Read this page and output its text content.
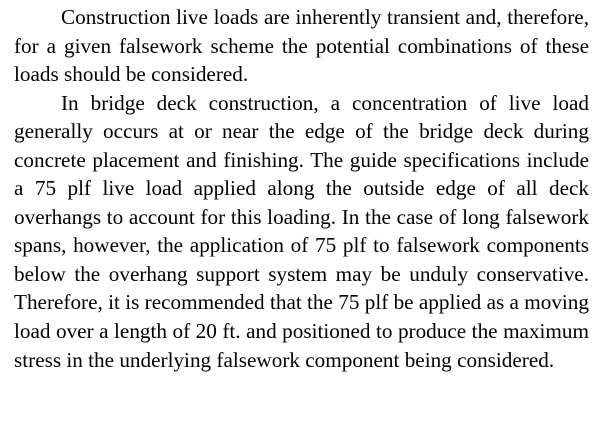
Construction live loads are inherently transient and, therefore, for a given falsework scheme the potential combinations of these loads should be considered.

In bridge deck construction, a concentration of live load generally occurs at or near the edge of the bridge deck during concrete placement and finishing. The guide specifications include a 75 plf live load applied along the outside edge of all deck overhangs to account for this loading. In the case of long falsework spans, however, the application of 75 plf to falsework components below the overhang support system may be unduly conservative. Therefore, it is recommended that the 75 plf be applied as a moving load over a length of 20 ft. and positioned to produce the maximum stress in the underlying falsework component being considered.
